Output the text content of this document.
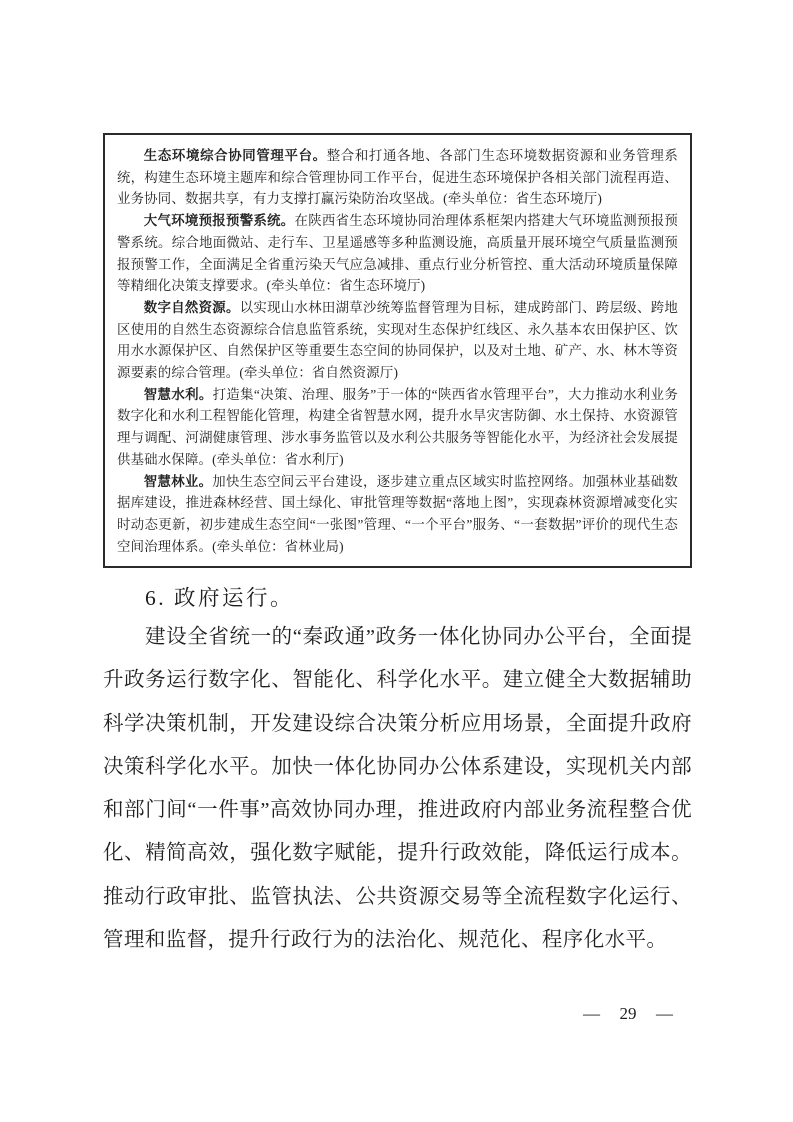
生态环境综合协同管理平台。整合和打通各地、各部门生态环境数据资源和业务管理系统，构建生态环境主题库和综合管理协同工作平台，促进生态环境保护各相关部门流程再造、业务协同、数据共享，有力支撑打赢污染防治攻坚战。(牵头单位：省生态环境厅)

大气环境预报预警系统。在陕西省生态环境协同治理体系框架内搭建大气环境监测预报预警系统。综合地面微站、走行车、卫星遥感等多种监测设施，高质量开展环境空气质量监测预报预警工作，全面满足全省重污染天气应急减排、重点行业分析管控、重大活动环境质量保障等精细化决策支撑要求。(牵头单位：省生态环境厅)

数字自然资源。以实现山水林田湖草沙统筹监督管理为目标，建成跨部门、跨层级、跨地区使用的自然生态资源综合信息监管系统，实现对生态保护红线区、永久基本农田保护区、饮用水水源保护区、自然保护区等重要生态空间的协同保护，以及对土地、矿产、水、林木等资源要素的综合管理。(牵头单位：省自然资源厅)

智慧水利。打造集“决策、治理、服务”于一体的“陕西省水管理平台”，大力推动水利业务数字化和水利工程智能化管理，构建全省智慧水网，提升水旱灾害防御、水土保持、水资源管理与调配、河湖健康管理、涉水事务监管以及水利公共服务等智能化水平，为经济社会发展提供基础水保障。(牵头单位：省水利厅)

智慧林业。加快生态空间云平台建设，逐步建立重点区域实时监控网络。加强林业基础数据库建设，推进森林经营、国土绿化、审批管理等数据“落地上图”，实现森林资源增减变化实时动态更新，初步建成生态空间“一张图”管理、“一个平台”服务、“一套数据”评价的现代生态空间治理体系。(牵头单位：省林业局)

6. 政府运行。
建设全省统一的“秦政通”政务一体化协同办公平台，全面提升政务运行数字化、智能化、科学化水平。建立健全大数据辅助科学决策机制，开发建设综合决策分析应用场景，全面提升政府决策科学化水平。加快一体化协同办公体系建设，实现机关内部和部门间“一件事”高效协同办理，推进政府内部业务流程整合优化、精简高效，强化数字赋能，提升行政效能，降低运行成本。推动行政审批、监管执法、公共资源交易等全流程数字化运行、管理和监督，提升行政行为的法治化、规范化、程序化水平。
— 29 —
